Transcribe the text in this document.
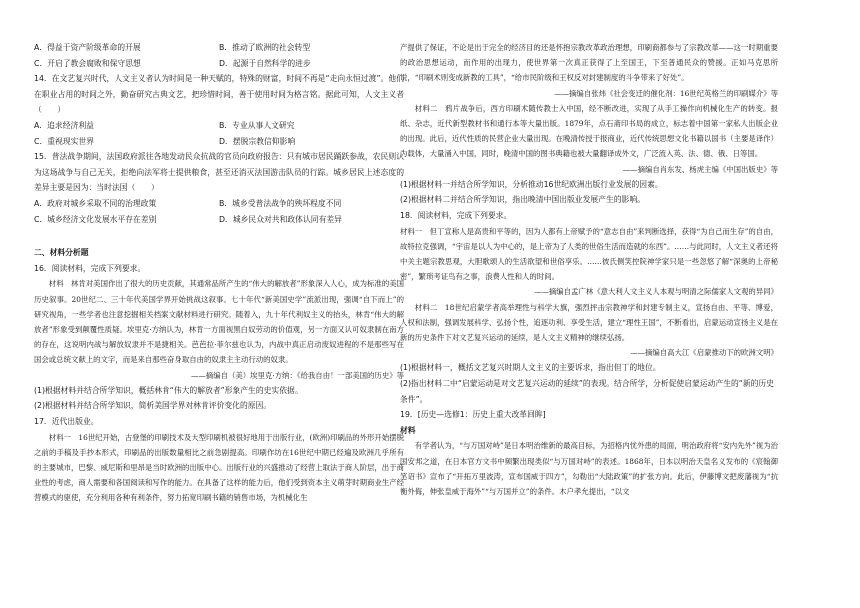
A．得益于资产阶级革命的开展	B．推动了欧洲的社会转型
C．开启了教会腐败和保守思想	D．起源于自然科学的进步

14．在文艺复兴时代，人文主义者认为时间是一种天赋的，特殊的财富，时间不再是“走向永恒过渡”。他们在职业占用的时间之外，勤奋研究古典文艺，把珍惜时间，善于使用时间为格言铭。据此可知，人文主义者（　　）

A．追求经济利益	B．专业从事人文研究
C．重视现实世界	D．摆脱宗教信仰影响

15．普法战争期间，法国政府派往各地发动民众抗战的官员向政府报告：只有城市居民踊跃参战，农民则认为这场战争与自己无关，拒绝向法军将士提供粮食，甚至还消灭法国游击队员的行踪。城乡居民上述态度的差异主要是因为：当时法国（　　）

A．政府对城乡采取不同的治理政策	B．城乡受普法战争的殃坏程度不同
C．城乡经济文化发展水平存在差别	D．城乡民众对共和政体认同有差异

二、材料分析题

16．阅读材料，完成下列要求。

材料　林肯对美国作出了很大的历史贡献，其通常品所产生的“伟大的解放者”形象深入人心，成为标准的美国历史叙事。20世纪二、三十年代美国学界开始挑战这叙事。七十年代“新美国史学”流派出现，强调“自下而上”的研究视角，一些学者也注意挖掘相关档案文献材料进行研究。随着入，九十年代利奴主义的抬头，林肯“伟大的解放者”形象受到颠覆性质疑。埃里克·方纳认为，林肯一方面视黑白奴劳动的价值观，另一方面又认可奴隶制在南方的存在，这说明内战与解放奴隶并不是捷相关。芭芭拉·菲尔兹也认为，内战中真正启动废奴进程的不是那些写在国会或总统文献上的文字，而是来自那些奋身取自由的奴隶主主动行动的奴隶。

——摘编自（美）埃里克·方纳：《给我自由！一部美国的历史》等

(1)根据材料并结合所学知识，概括林肯“伟大的解放者”形象产生的史实依据。

(2)根据材料并结合所学知识，简析美国学界对林肯评价变化的原因。

17．近代出版业。

材料一　16世纪开始，古登堡的印刷技术及大型印刷机被很好地用于出版行业，(欧洲)印刷品的外形开始摆脱之前的手稿及手抄本形式，印刷品的出版数量相比之前急剧提高。印刷作坊在16世纪中期已经遍及欧洲几乎所有的主要城市，巴黎、威尼斯和里昂是当时欧洲的出版中心。出版行业的兴盛推动了经营上取法于商人阶层，出于商业性的考虑，商人需要和各国阅读和写作的能力。在具备了这样的能力后，他们受到资本主义萌芽时期商业生产经营模式的驱使，充分利用各种有利条件，努力拓宽印刷书籍的销售市场，为机械化生

产提供了保证，不论是出于完全的经济目的还是怀抱宗教改革政治理想，印刷商都参与了宗教改革——这一时期重要的政治思想运动，而作用的出现力，使世界第一次真正获得了上至国王，下至普通民众的赞援。正如马克思所说，“印刷术则变成新教的工具”，“给市民阶级和王权反对封建制度的斗争带来了好处”。

——摘编自张炜《社会变迁的催化剂：16世纪英格兰的印刷媒介》等

材料二　鸦片战争后，西方印刷术随传教士入中国，经不断改进，实现了从手工操作向机械化生产的转变。报纸、杂志，近代新型教材书和通行本等大量出版。1879年，点石斋印书局的成立，标志着中国第一家私人出版企业的出现。此后，近代性质的民营企业大量出现。在晚清传授于报商业，近代传统思想文化书籍以国书（主要是译作）为载体，大量涌入中国，同时，晚清中国的图书典籍也被大量翻译成外文，广泛流入英、法、德、俄、日等国。

——摘编自肖东发、杨虎主编《中国出版史》等

(1)根据材料一并结合所学知识，分析推动16世纪欧洲出版行业发展的因素。

(2)根据材料二并结合所学知识，指出晚清中国出版业发展产生的影响。

18．阅读材料，完成下列要求。

材料一　但丁宣称人是高贵和平等的，因为人都有上帝赋予的“意志自由”来判断选择，获得“为自己而生存”的自由，故特拉克强调，“宇宙是以人为中心的，是上帝为了人类的世俗生活而造就的东西”。……与此同时，人文主义者还将中关主题宗教思观，大胆歌颂人的生活欲望和世俗享乐。……彼氏侧笑控院神学家只是一些忽悠了解“深奥的上帝秘密”，繁琐考证鸟有之事，浪费人性和人的时间。

——摘编自孟广林《意大利人文主义人本观与明清之际儒家人文观的异同》

材料二　18世纪启蒙学者高举理性与科学大旗，强烈抨击宗教神学和封建专制主义，宣扬自由、平等、博爱，人权和法制，强调发展科学、弘扬个性，追逐功利、享受生活，建立“理性王国”，不断看出，启蒙运动宣扬主义是在新的历史条件下对文艺复兴运动的延续，是人文主义精神的继续弘扬。

——摘编自高大江《启蒙推动下的欧洲文明》

(1)根据材料一，概括文艺复兴时期人文主义的主要诉求，指出但丁的地位。

(2)指出材料二中“启蒙运动是对文艺复兴运动的延续”的表现。结合所学，分析促使启蒙运动产生的“新的历史条件”。

19．[历史—选修1：历史上重大改革回眸]

材料

有学者认为，“与万国对峙”是日本明治维新的最高目标，为招格内忧外患的局面，明治政府将“安内先外”视为治国安邦之道，在日本官方文书中频繁出现类似“与万国对峙”的表述。1868年，日本以明治天皇名义发布的《宸翰御笔诏书》宣布了“开拓万里波涛，宣布国威于四方”，勾勒出“大陆政策”的扩张方向。此后，伊藤博文把废藩视为“抗衡外侮，伸张皇威于海外”“与万国并立”的条件。木户孝允提出，“以文
